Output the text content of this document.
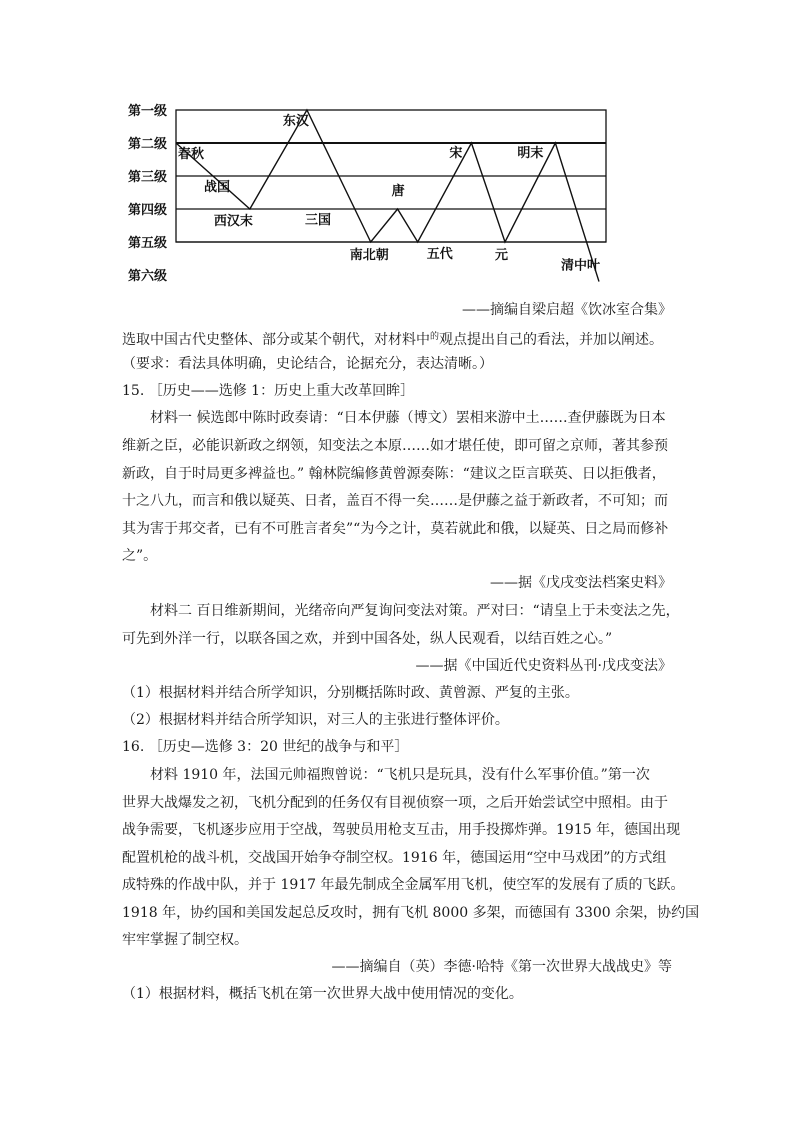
第一级
第二级
第三级
第四级
第五级
第六级
春秋
西汉末
东汉
南北朝
唐
五代
宋
元
明末
清中叶
战国
三国
——摘编自梁启超《饮冰室合集》
选取中国古代史整体、部分或某个朝代，对材料中$^的$观点提出自己的看法，并加以阐述。
（要求：看法具体明确，史论结合，论据充分，表达清晰。）
15. ［历史——选修 1：历史上重大改革回眸］
材料一 候选郎中陈时政奏请：“日本伊藤（博文）罢相来游中土……查伊藤既为日本
维新之臣，必能识新政之纲领，知变法之本原……如才堪任使，即可留之京师，著其参预
新政，自于时局更多裨益也。” 翰林院编修黄曾源奏陈：“建议之臣言联英、日以拒俄者，
十之八九，而言和俄以疑英、日者，盖百不得一矣……是伊藤之益于新政者，不可知；而
其为害于邦交者，已有不可胜言者矣”“为今之计，莫若就此和俄，以疑英、日之局而修补
之”。
——据《戊戌变法档案史料》
材料二 百日维新期间，光绪帝向严复询问变法对策。严对曰：“请皇上于未变法之先，
可先到外洋一行，以联各国之欢，并到中国各处，纵人民观看，以结百姓之心。”
——据《中国近代史资料丛刊·戊戌变法》
（1）根据材料并结合所学知识，分别概括陈时政、黄曾源、严复的主张。
（2）根据材料并结合所学知识，对三人的主张进行整体评价。
16. ［历史—选修 3：20 世纪的战争与和平］
材料 1910 年，法国元帅福煦曾说：“飞机只是玩具，没有什么军事价值。”第一次
世界大战爆发之初，飞机分配到的任务仅有目视侦察一项，之后开始尝试空中照相。由于
战争需要，飞机逐步应用于空战，驾驶员用枪支互击，用手投掷炸弹。1915 年，德国出现
配置机枪的战斗机，交战国开始争夺制空权。1916 年，德国运用“空中马戏团”的方式组
成特殊的作战中队，并于 1917 年最先制成全金属军用飞机，使空军的发展有了质的飞跃。
1918 年，协约国和美国发起总反攻时，拥有飞机 8000 多架，而德国有 3300 余架，协约国
牢牢掌握了制空权。
——摘编自（英）李德·哈特《第一次世界大战战史》等
（1）根据材料，概括飞机在第一次世界大战中使用情况的变化。
